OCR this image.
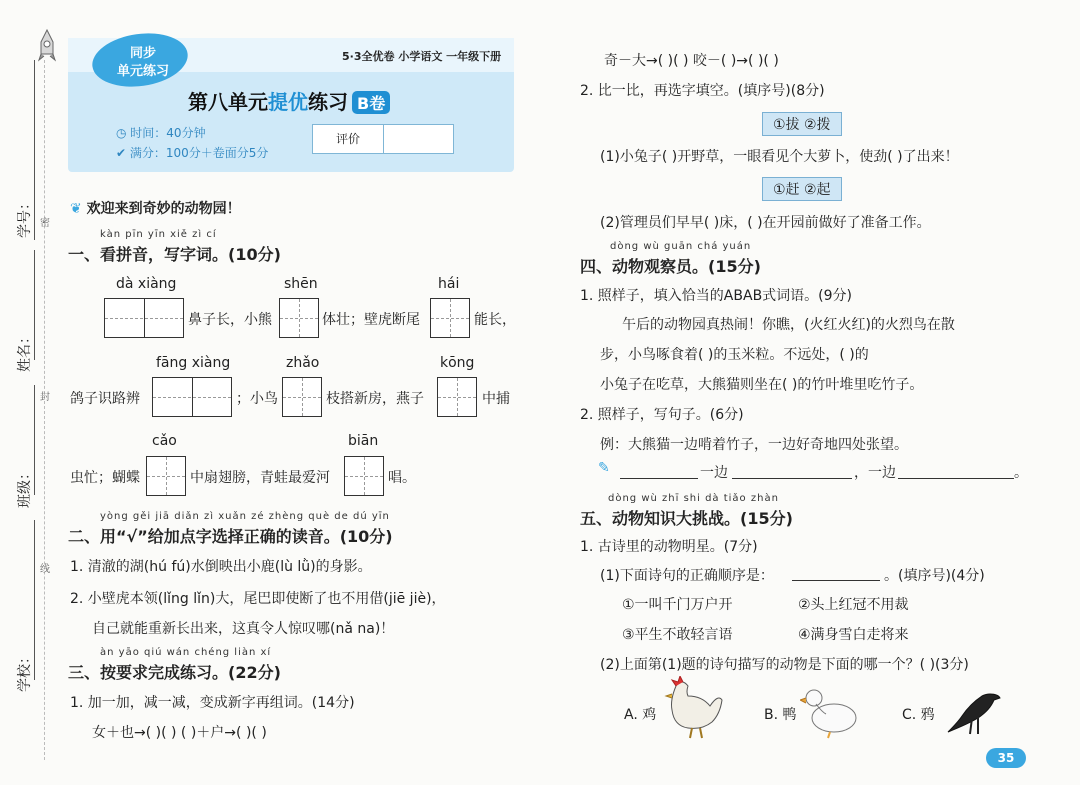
学号：
姓名：
班级：
学校：
密
封
线
同步
单元练习
5·3全优卷 小学语文 一年级下册
第八单元提优练习 B卷
◷ 时间：40分钟
✔ 满分：100分＋卷面分5分
评价
❦ 欢迎来到奇妙的动物园！
kàn pīn yīn xiě zì cí
一、看拼音，写字词。(10分)
dà xiàng	shēn	hái
鼻子长，小熊	体壮；壁虎断尾	能长，
fāng xiàng	zhǎo	kōng
鸽子识路辨	；小鸟	枝搭新房，燕子	中捕
cǎo	biān
虫忙；蝴蝶	中扇翅膀，青蛙最爱河	唱。
yòng gěi jiā diǎn zì xuǎn zé zhèng què de dú yīn
二、用“√”给加点字选择正确的读音。(10分)
1. 清澈的湖(hú fú)水倒映出小鹿(lù lǜ)的身影。
2. 小壁虎本领(lǐng lǐn)大，尾巴即使断了也不用借(jiē jiè)，
自己就能重新长出来，这真令人惊叹哪(nǎ na)！
àn yāo qiú wán chéng liàn xí
三、按要求完成练习。(22分)
1. 加一加，减一减，变成新字再组词。(14分)
女＋也→( )( ) ( )＋户→( )( )
奇－大→( )( ) 咬－( )→( )( )
2. 比一比，再选字填空。(填序号)(8分)
①拔 ②拨
(1)小兔子( )开野草，一眼看见个大萝卜，使劲( )了出来！
①赶 ②起
(2)管理员们早早( )床，( )在开园前做好了准备工作。
dòng wù guān chá yuán
四、动物观察员。(15分)
1. 照样子，填入恰当的ABAB式词语。(9分)
午后的动物园真热闹！你瞧，(火红火红)的火烈鸟在散
步，小鸟啄食着( )的玉米粒。不远处，( )的
小兔子在吃草，大熊猫则坐在( )的竹叶堆里吃竹子。
2. 照样子，写句子。(6分)
例：大熊猫一边啃着竹子，一边好奇地四处张望。
✎	一边	，一边	。
dòng wù zhī shi dà tiǎo zhàn
五、动物知识大挑战。(15分)
1. 古诗里的动物明星。(7分)
(1)下面诗句的正确顺序是：	。(填序号)(4分)
①一叫千门万户开	②头上红冠不用裁
③平生不敢轻言语	④满身雪白走将来
(2)上面第(1)题的诗句描写的动物是下面的哪一个？( )(3分)
A. 鸡	B. 鸭	C. 鸦
35
